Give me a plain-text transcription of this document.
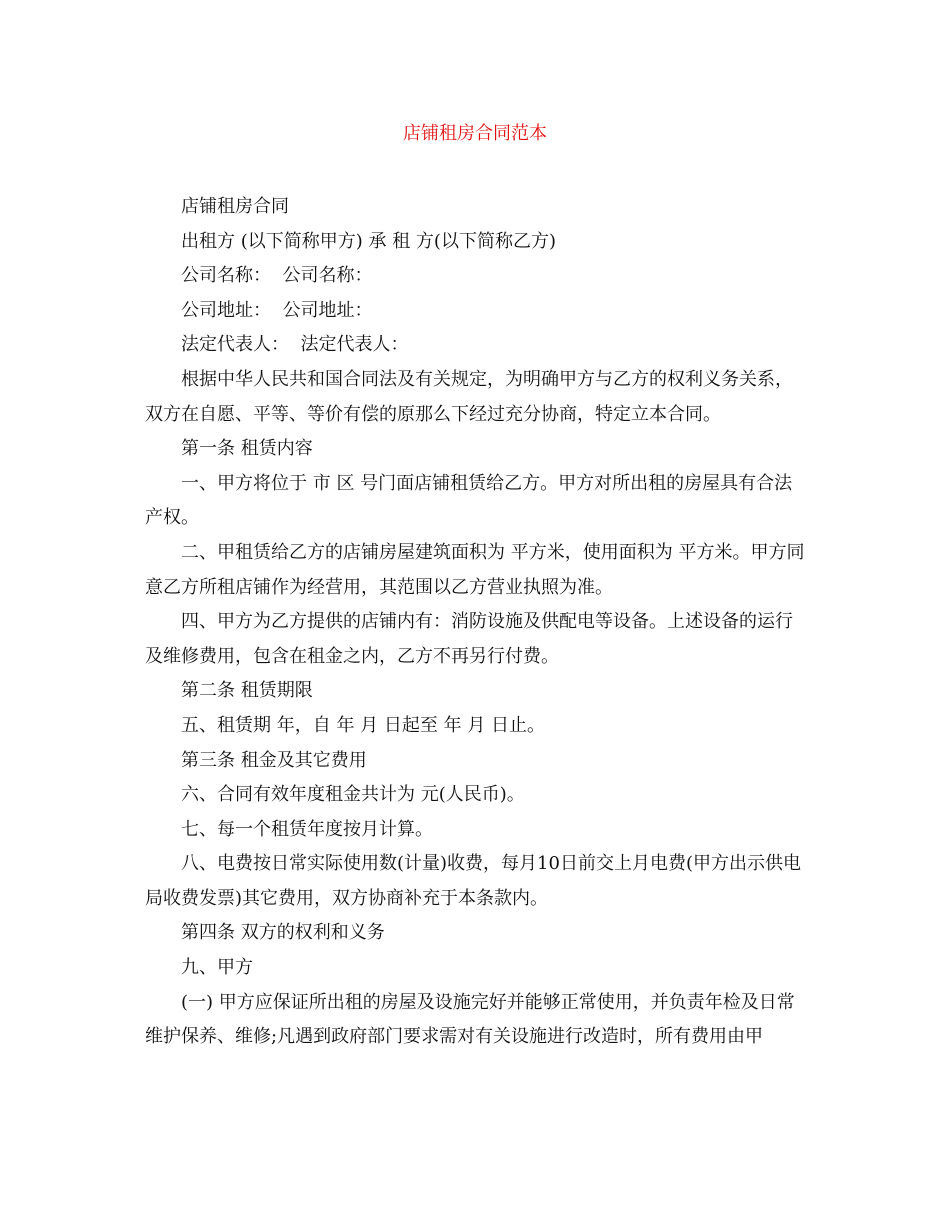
店铺租房合同范本

店铺租房合同

出租方 (以下简称甲方) 承 租 方(以下简称乙方)

公司名称：  公司名称：

公司地址：  公司地址：

法定代表人：  法定代表人：

根据中华人民共和国合同法及有关规定，为明确甲方与乙方的权利义务关系，双方在自愿、平等、等价有偿的原那么下经过充分协商，特定立本合同。

第一条 租赁内容

一、甲方将位于 市 区 号门面店铺租赁给乙方。甲方对所出租的房屋具有合法产权。

二、甲租赁给乙方的店铺房屋建筑面积为 平方米，使用面积为 平方米。甲方同意乙方所租店铺作为经营用，其范围以乙方营业执照为准。

四、甲方为乙方提供的店铺内有：消防设施及供配电等设备。上述设备的运行及维修费用，包含在租金之内，乙方不再另行付费。

第二条 租赁期限

五、租赁期 年，自 年 月 日起至 年 月 日止。

第三条 租金及其它费用

六、合同有效年度租金共计为 元(人民币)。

七、每一个租赁年度按月计算。

八、电费按日常实际使用数(计量)收费，每月10日前交上月电费(甲方出示供电局收费发票)其它费用，双方协商补充于本条款内。

第四条 双方的权利和义务

九、甲方

(一) 甲方应保证所出租的房屋及设施完好并能够正常使用，并负责年检及日常维护保养、维修;凡遇到政府部门要求需对有关设施进行改造时，所有费用由甲
